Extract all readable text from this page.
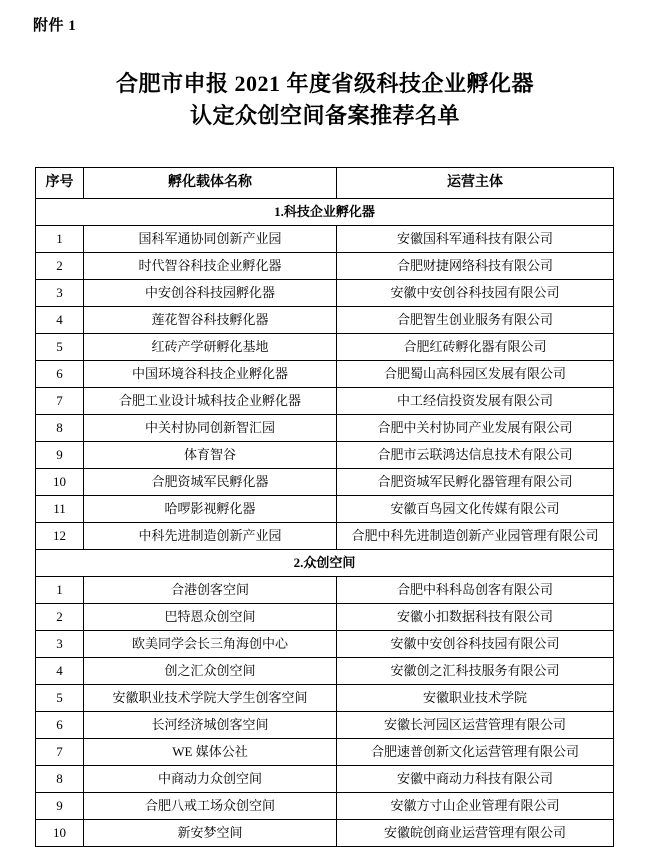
附件 1
合肥市申报 2021 年度省级科技企业孵化器
认定众创空间备案推荐名单
序号	孵化载体名称	运营主体
1.科技企业孵化器		
1	国科军通协同创新产业园	安徽国科军通科技有限公司
2	时代智谷科技企业孵化器	合肥财捷网络科技有限公司
3	中安创谷科技园孵化器	安徽中安创谷科技园有限公司
4	莲花智谷科技孵化器	合肥智生创业服务有限公司
5	红砖产学研孵化基地	合肥红砖孵化器有限公司
6	中国环境谷科技企业孵化器	合肥蜀山高科园区发展有限公司
7	合肥工业设计城科技企业孵化器	中工经信投资发展有限公司
8	中关村协同创新智汇园	合肥中关村协同产业发展有限公司
9	体育智谷	合肥市云联鸿达信息技术有限公司
10	合肥资城军民孵化器	合肥资城军民孵化器管理有限公司
11	哈啰影视孵化器	安徽百鸟园文化传媒有限公司
12	中科先进制造创新产业园	合肥中科先进制造创新产业园管理有限公司
2.众创空间		
1	合港创客空间	合肥中科科岛创客有限公司
2	巴特恩众创空间	安徽小扣数据科技有限公司
3	欧美同学会长三角海创中心	安徽中安创谷科技园有限公司
4	创之汇众创空间	安徽创之汇科技服务有限公司
5	安徽职业技术学院大学生创客空间	安徽职业技术学院
6	长河经济城创客空间	安徽长河园区运营管理有限公司
7	WE 媒体公社	合肥速普创新文化运营管理有限公司
8	中商动力众创空间	安徽中商动力科技有限公司
9	合肥八戒工场众创空间	安徽方寸山企业管理有限公司
10	新安梦空间	安徽皖创商业运营管理有限公司
